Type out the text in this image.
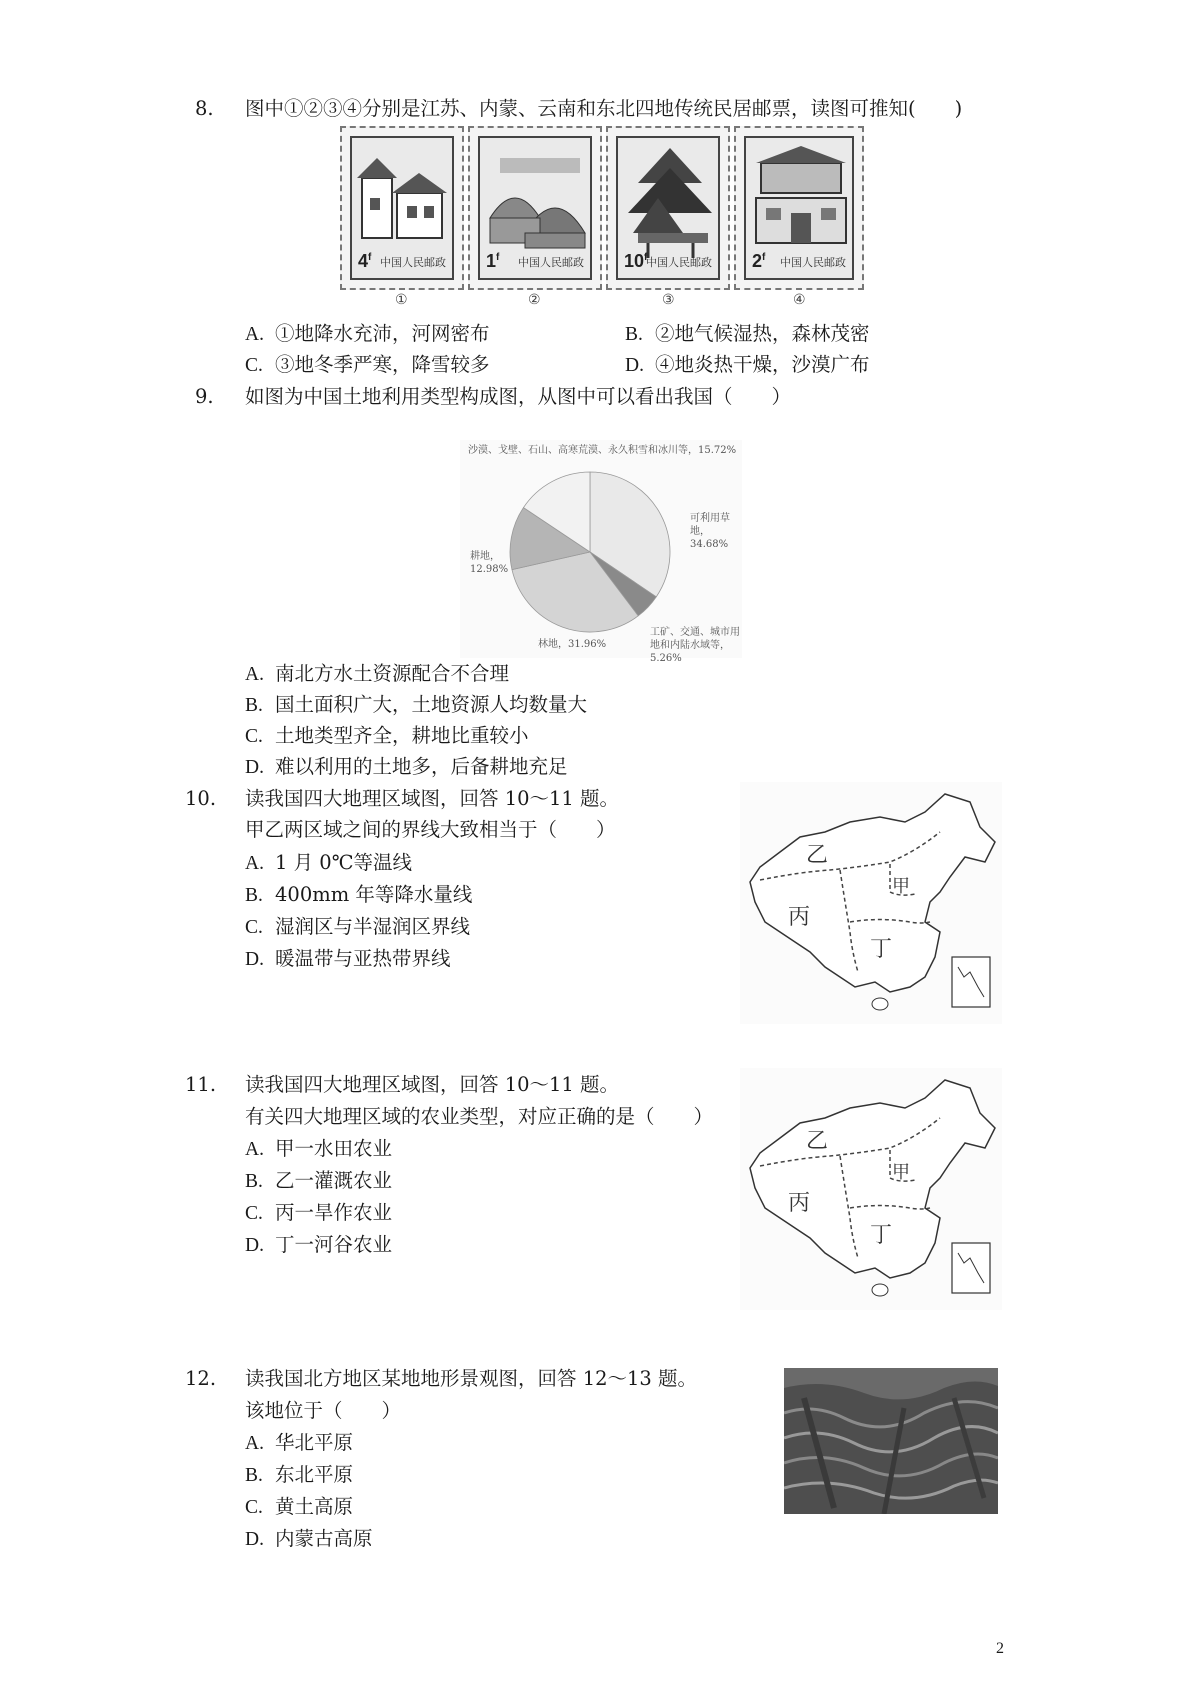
8. 图中①②③④分别是江苏、内蒙、云南和东北四地传统民居邮票，读图可推知(　　)
4$^f$ 中国人民邮政 1$^f$ 中国人民邮政 10$^f$
中国人民邮政 2$^f$ 中国人民邮政
①	②	③	④
A. ①地降水充沛，河网密布	B. ②地气候湿热，森林茂密
C. ③地冬季严寒，降雪较多	D. ④地炎热干燥，沙漠广布
9. 如图为中国土地利用类型构成图，从图中可以看出我国（　　）
沙漠、戈壁、石山、高寒荒漠、永久积雪和冰川等，15.72%
可利用草地，34.68%
耕地，12.98%
林地，31.96%
工矿、交通、城市用地和内陆水域等，5.26%
A. 南北方水土资源配合不合理
B. 国土面积广大，土地资源人均数量大
C. 土地类型齐全，耕地比重较小
D. 难以利用的土地多，后备耕地充足
10. 读我国四大地理区域图，回答 10～11 题。
甲乙两区域之间的界线大致相当于（　　）
A. 1 月 0℃等温线
B. 400mm 年等降水量线
C. 湿润区与半湿润区界线
D. 暖温带与亚热带界线
乙
丙
甲
丁
11. 读我国四大地理区域图，回答 10～11 题。
有关四大地理区域的农业类型，对应正确的是（　　）
A. 甲一水田农业
B. 乙一灌溉农业
C. 丙一旱作农业
D. 丁一河谷农业
乙
丙
甲
丁
12. 读我国北方地区某地地形景观图，回答 12～13 题。
该地位于（　　）
A. 华北平原
B. 东北平原
C. 黄土高原
D. 内蒙古高原
2
